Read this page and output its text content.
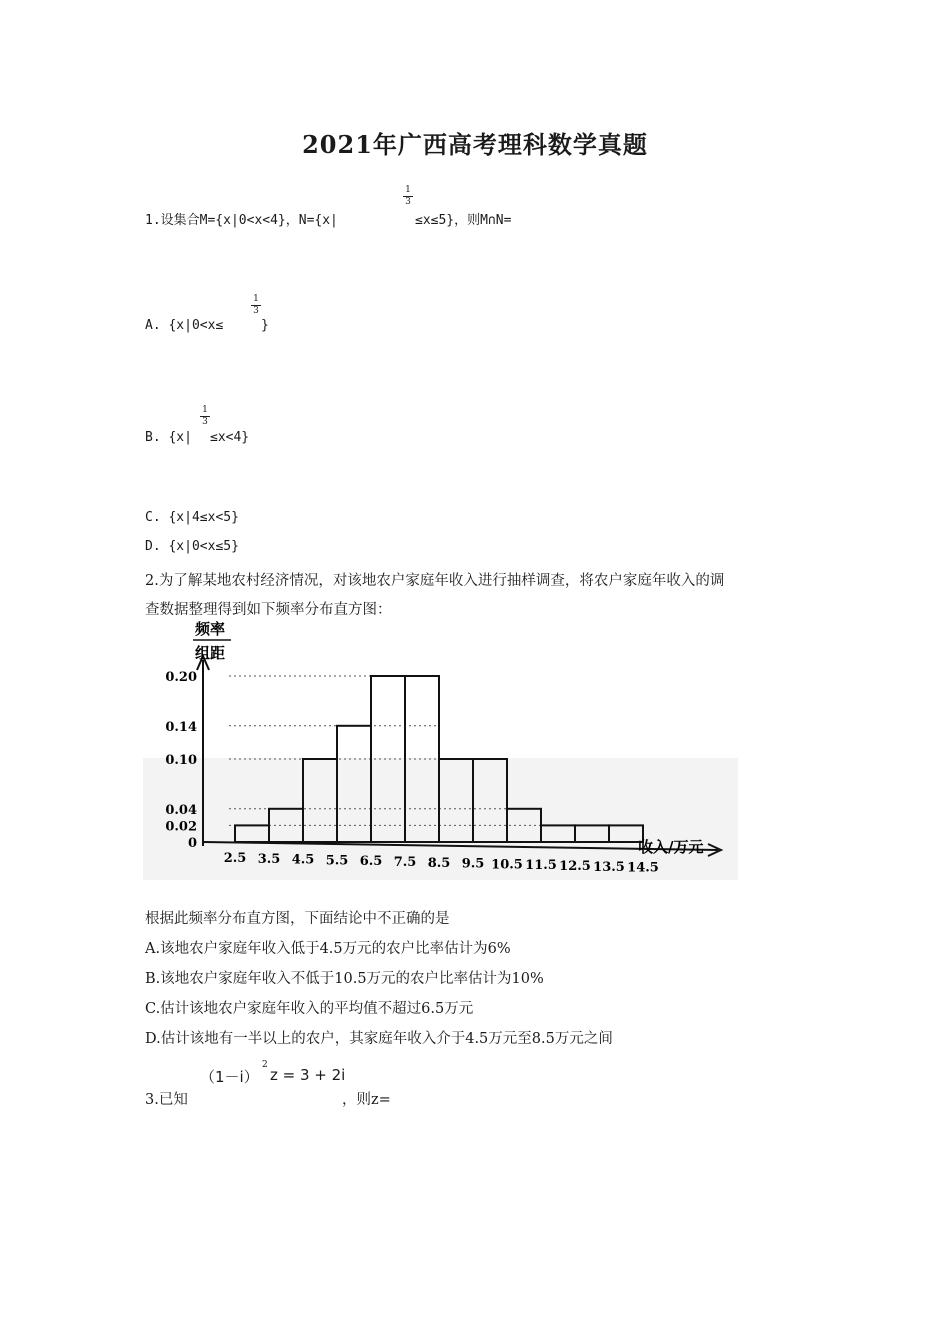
2021年广西高考理科数学真题
1.设集合M={x|0<x<4}，N={x|
1
3
≤x≤5}，则M∩N=
A. {x|0<x≤
1
3
}
B. {x|
1
3
≤x<4}
C. {x|4≤x<5}
D. {x|0<x≤5}
2.为了解某地农村经济情况，对该地农户家庭年收入进行抽样调查，将农户家庭年收入的调
查数据整理得到如下频率分布直方图：
0
0.02
0.04
0.10
0.14
0.20
2.5 3.5 4.5 5.5 6.5 7.5 8.5 9.5 10.5 11.5 12.5 13.5 14.5
频率
组距
收入/万元
根据此频率分布直方图，下面结论中不正确的是
A.该地农户家庭年收入低于4.5万元的农户比率估计为6%
B.该地农户家庭年收入不低于10.5万元的农户比率估计为10%
C.估计该地农户家庭年收入的平均值不超过6.5万元
D.估计该地有一半以上的农户，其家庭年收入介于4.5万元至8.5万元之间
3.已知
（1－i）
2
z = 3 + 2i
，则z=
